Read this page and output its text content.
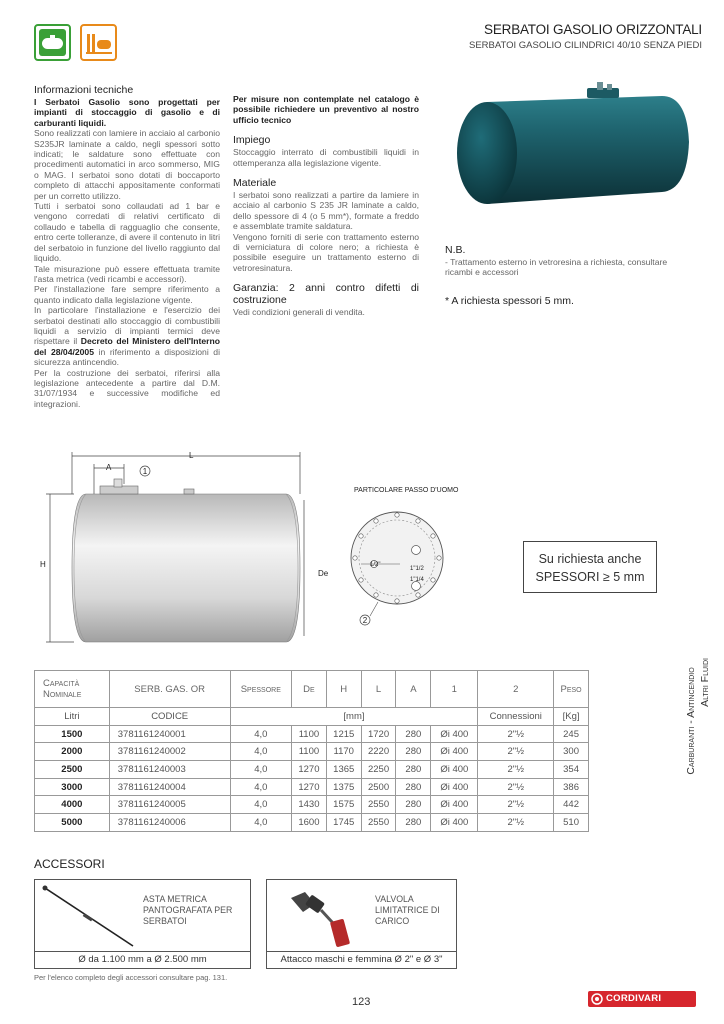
SERBATOI GASOLIO ORIZZONTALI
SERBATOI GASOLIO CILINDRICI 40/10 SENZA PIEDI
Informazioni tecniche

I Serbatoi Gasolio sono progettati per impianti di stoccaggio di gasolio e di carburanti liquidi.

Sono realizzati con lamiere in acciaio al carbonio S235JR laminate a caldo, negli spessori sotto indicati; le saldature sono effettuate con procedimenti automatici in arco sommerso, MIG o MAG. I serbatoi sono dotati di boccaporto completo di attacchi appositamente conformati per un corretto utilizzo.

Tutti i serbatoi sono collaudati ad 1 bar e vengono corredati di relativi certificato di collaudo e tabella di ragguaglio che consente, entro certe tolleranze, di avere il contenuto in litri del serbatoio in funzione del livello raggiunto dal liquido.

Tale misurazione può essere effettuata tramite l'asta metrica (vedi ricambi e accessori).

Per l'installazione fare sempre riferimento a quanto indicato dalla legislazione vigente.

In particolare l'installazione e l'esercizio dei serbatoi destinati allo stoccaggio di combustibili liquidi a servizio di impianti termici deve rispettare il Decreto del Ministero dell'Interno del 28/04/2005 in riferimento a disposizioni di sicurezza antincendio.

Per la costruzione dei serbatoi, riferirsi alla legislazione antecedente a partire dal D.M. 31/07/1934 e successive modifiche ed integrazioni.

Per misure non contemplate nel catalogo è possibile richiedere un preventivo al nostro ufficio tecnico

Impiego

Stoccaggio interrato di combustibili liquidi in ottemperanza alla legislazione vigente.

Materiale

I serbatoi sono realizzati a partire da lamiere in acciaio al carbonio S 235 JR laminate a caldo, dello spessore di 4 (o 5 mm*), formate a freddo e assemblate tramite saldatura.

Vengono forniti di serie con trattamento esterno di verniciatura di colore nero; a richiesta è possibile eseguire un trattamento esterno di vetroresinatura.

Garanzia: 2 anni contro difetti di costruzione

Vedi condizioni generali di vendita.

N.B.

- Trattamento esterno in vetroresina a richiesta, consultare ricambi e accessori

* A richiesta spessori 5 mm.

1
L
A
H
De
PARTICOLARE PASSO D'UOMO
1/2"
1"1/2
1"1/4
2
Su richiesta anche
SPESSORI ≥ 5 mm
Carburanti - Antincendio Altri Fluidi
Capacità Nominale	SERB. GAS. OR	Spessore	De	H	L	A	1	2	Peso
Litri	CODICE	[mm]						Connessioni	[Kg]
1500	3781161240001	4,0	1100	1215	1720	280	Øi 400	2"½	245
2000	3781161240002	4,0	1100	1170	2220	280	Øi 400	2"½	300
2500	3781161240003	4,0	1270	1365	2250	280	Øi 400	2"½	354
3000	3781161240004	4,0	1270	1375	2500	280	Øi 400	2"½	386
4000	3781161240005	4,0	1430	1575	2550	280	Øi 400	2"½	442
5000	3781161240006	4,0	1600	1745	2550	280	Øi 400	2"½	510
ACCESSORI
ASTA METRICA PANTOGRAFATA PER SERBATOI
Ø da 1.100 mm a Ø 2.500 mm
VALVOLA LIMITATRICE DI CARICO
Attacco maschi e femmina Ø 2" e Ø 3"
Per l'elenco completo degli accessori consultare pag. 131.
123	CORDIVARI
